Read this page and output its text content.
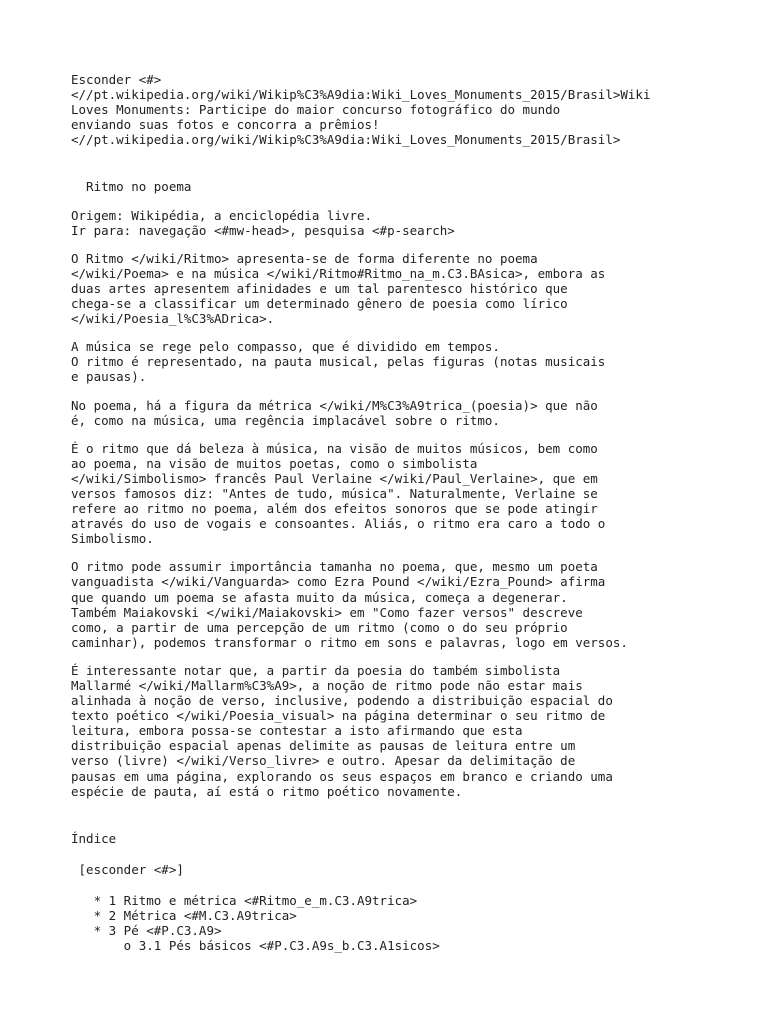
Esconder <#>
<//pt.wikipedia.org/wiki/Wikip%C3%A9dia:Wiki_Loves_Monuments_2015/Brasil>Wiki
Loves Monuments: Participe do maior concurso fotográfico do mundo
enviando suas fotos e concorra a prêmios!
<//pt.wikipedia.org/wiki/Wikip%C3%A9dia:Wiki_Loves_Monuments_2015/Brasil>
Ritmo no poema
Origem: Wikipédia, a enciclopédia livre.
Ir para: navegação <#mw-head>, pesquisa <#p-search>
O Ritmo </wiki/Ritmo> apresenta-se de forma diferente no poema
</wiki/Poema> e na música </wiki/Ritmo#Ritmo_na_m.C3.BAsica>, embora as
duas artes apresentem afinidades e um tal parentesco histórico que
chega-se a classificar um determinado gênero de poesia como lírico
</wiki/Poesia_l%C3%ADrica>.
A música se rege pelo compasso, que é dividido em tempos.
O ritmo é representado, na pauta musical, pelas figuras (notas musicais
e pausas).
No poema, há a figura da métrica </wiki/M%C3%A9trica_(poesia)> que não
é, como na música, uma regência implacável sobre o ritmo.
É o ritmo que dá beleza à música, na visão de muitos músicos, bem como
ao poema, na visão de muitos poetas, como o simbolista
</wiki/Simbolismo> francês Paul Verlaine </wiki/Paul_Verlaine>, que em
versos famosos diz: "Antes de tudo, música". Naturalmente, Verlaine se
refere ao ritmo no poema, além dos efeitos sonoros que se pode atingir
através do uso de vogais e consoantes. Aliás, o ritmo era caro a todo o
Simbolismo.
O ritmo pode assumir importância tamanha no poema, que, mesmo um poeta
vanguadista </wiki/Vanguarda> como Ezra Pound </wiki/Ezra_Pound> afirma
que quando um poema se afasta muito da música, começa a degenerar.
Também Maiakovski </wiki/Maiakovski> em "Como fazer versos" descreve
como, a partir de uma percepção de um ritmo (como o do seu próprio
caminhar), podemos transformar o ritmo em sons e palavras, logo em versos.
É interessante notar que, a partir da poesia do também simbolista
Mallarmé </wiki/Mallarm%C3%A9>, a noção de ritmo pode não estar mais
alinhada à noção de verso, inclusive, podendo a distribuição espacial do
texto poético </wiki/Poesia_visual> na página determinar o seu ritmo de
leitura, embora possa-se contestar a isto afirmando que esta
distribuição espacial apenas delimite as pausas de leitura entre um
verso (livre) </wiki/Verso_livre> e outro. Apesar da delimitação de
pausas em uma página, explorando os seus espaços em branco e criando uma
espécie de pauta, aí está o ritmo poético novamente.
Índice
[esconder <#>]
* 1 Ritmo e métrica <#Ritmo_e_m.C3.A9trica>
* 2 Métrica <#M.C3.A9trica>
* 3 Pé <#P.C3.A9>
o 3.1 Pés básicos <#P.C3.A9s_b.C3.A1sicos>
